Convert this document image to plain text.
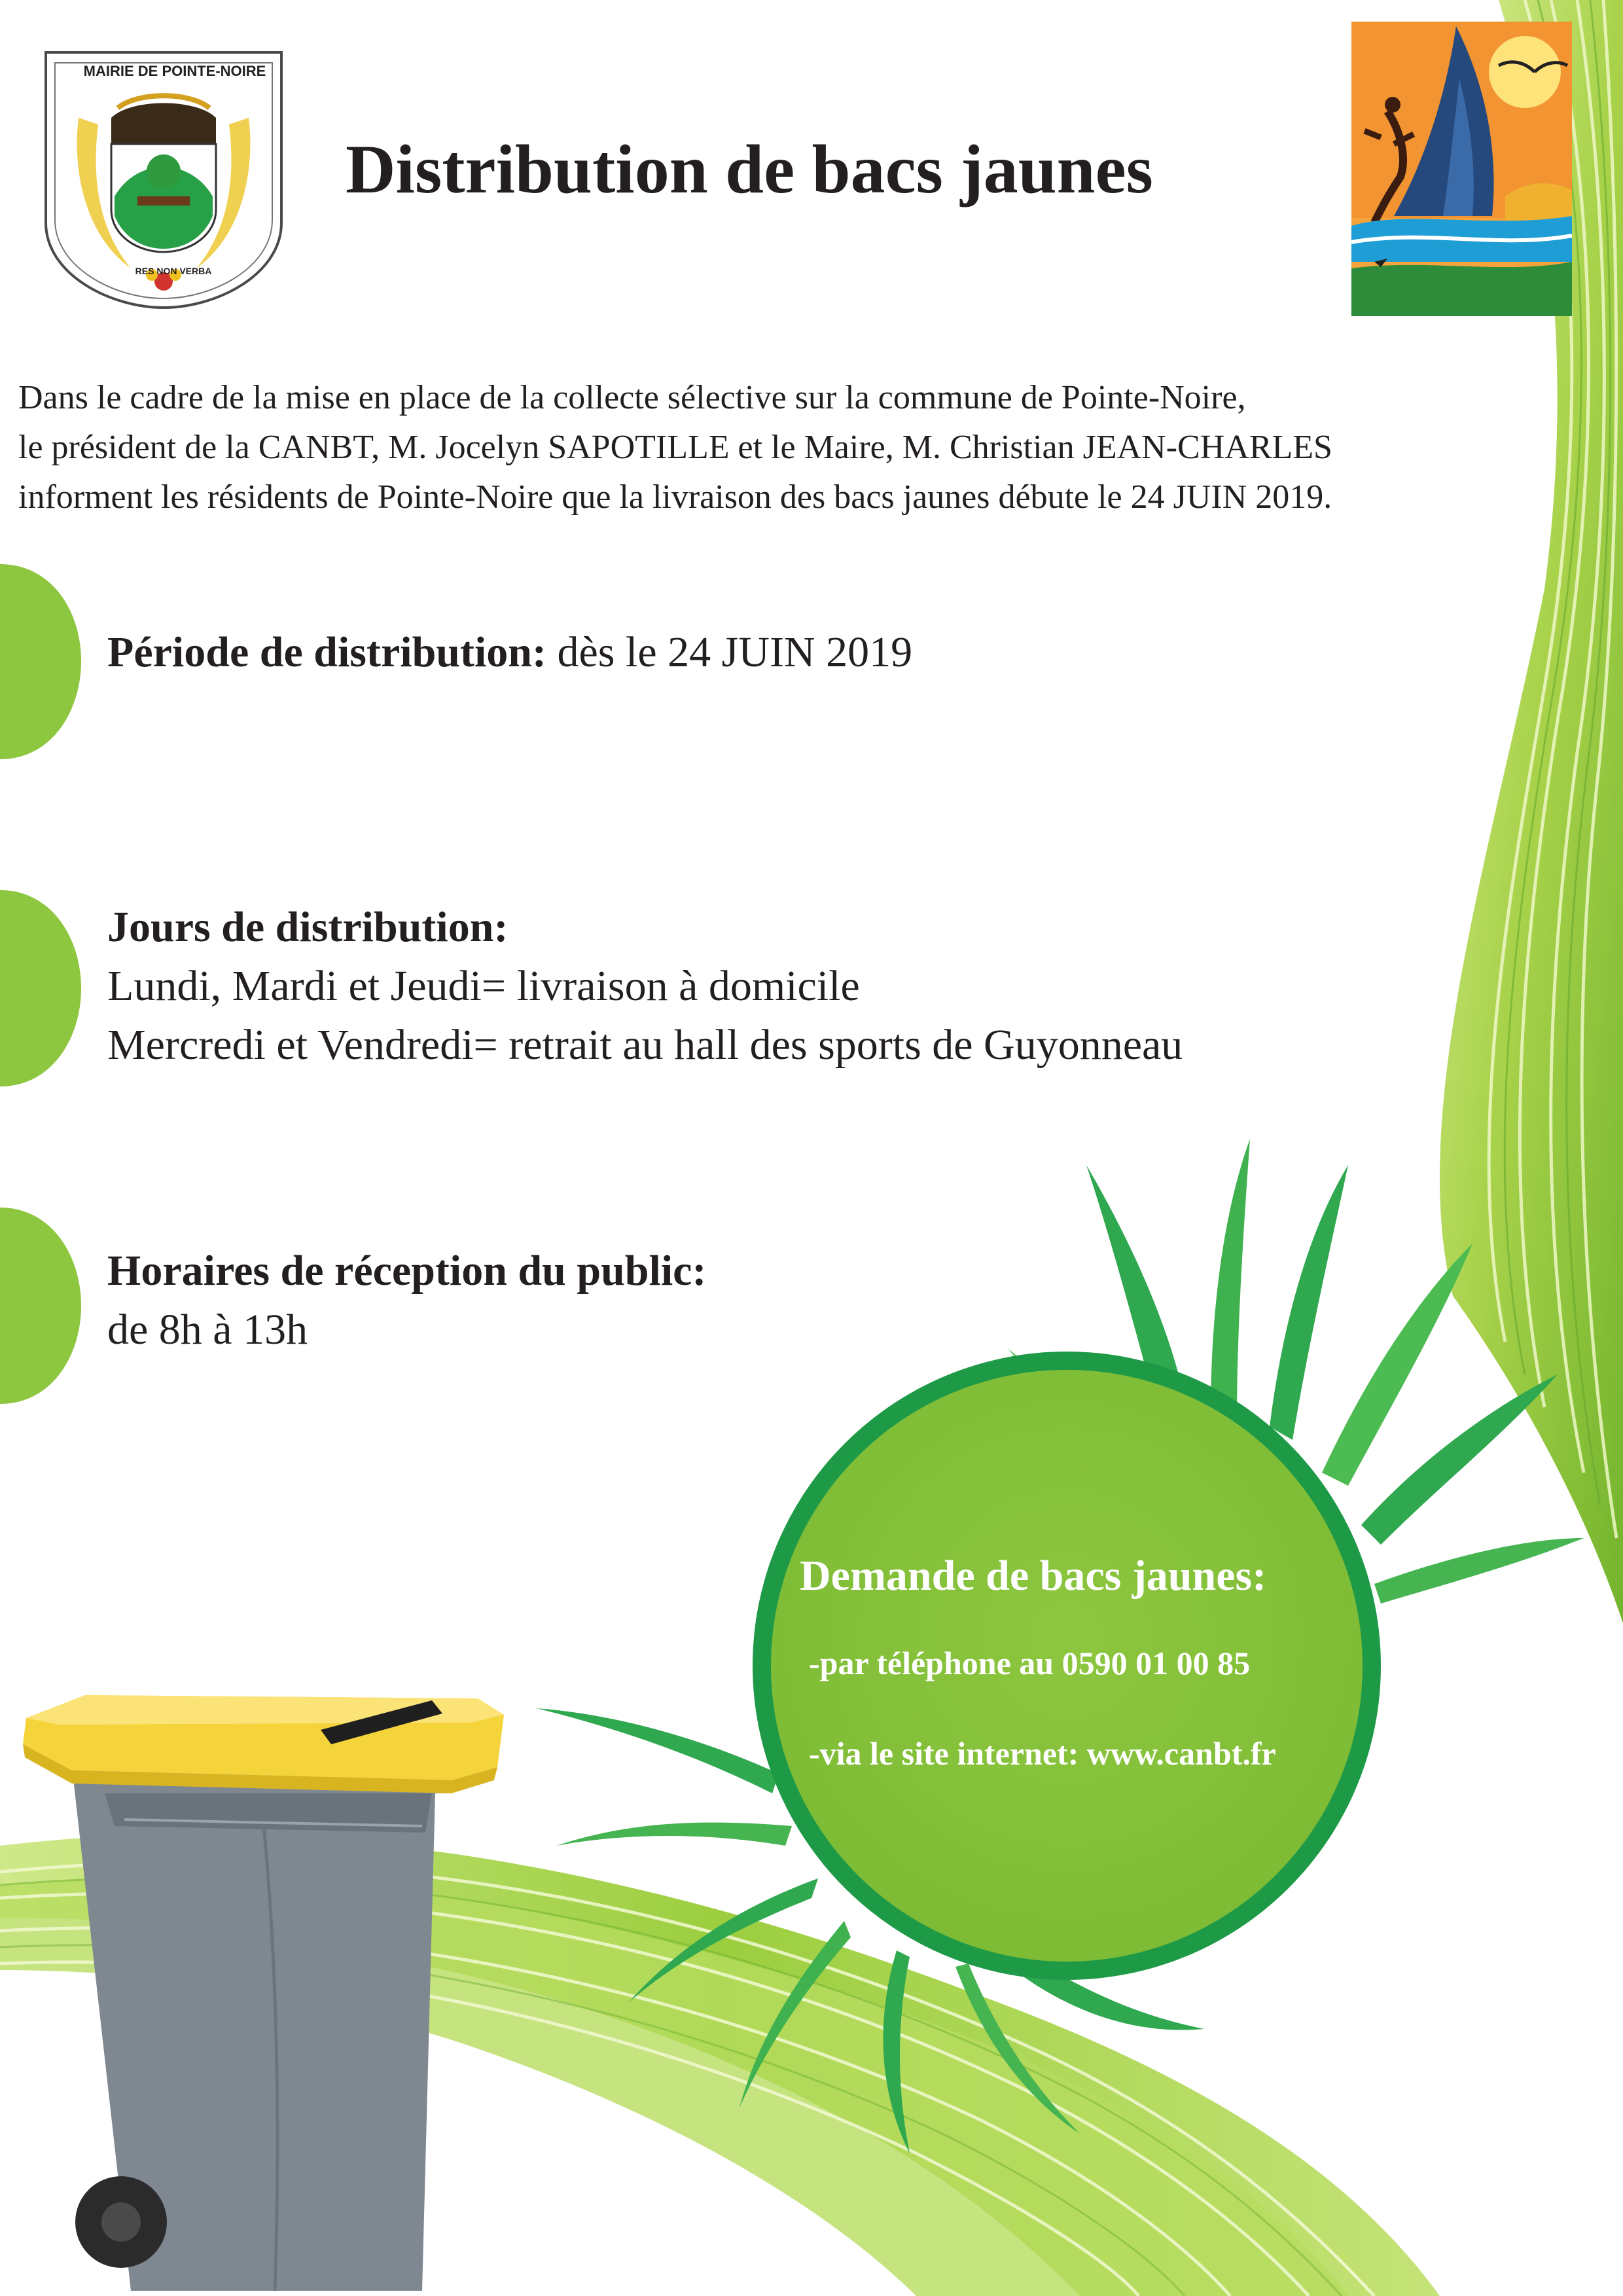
MAIRIE DE POINTE-NOIRE
RES NON VERBA
Distribution de bacs jaunes
Dans le cadre de la mise en place de la collecte sélective sur la commune de Pointe-Noire,
le président de la CANBT, M. Jocelyn SAPOTILLE et le Maire, M. Christian JEAN-CHARLES
informent les résidents de Pointe-Noire que la livraison des bacs jaunes débute le 24 JUIN 2019.
Période de distribution: dès le 24 JUIN 2019
Jours de distribution:
Lundi, Mardi et Jeudi= livraison à domicile
Mercredi et Vendredi= retrait au hall des sports de Guyonneau
Horaires de réception du public:
de 8h à 13h
Demande de bacs jaunes:
-par téléphone au 0590 01 00 85
-via le site internet: www.canbt.fr
